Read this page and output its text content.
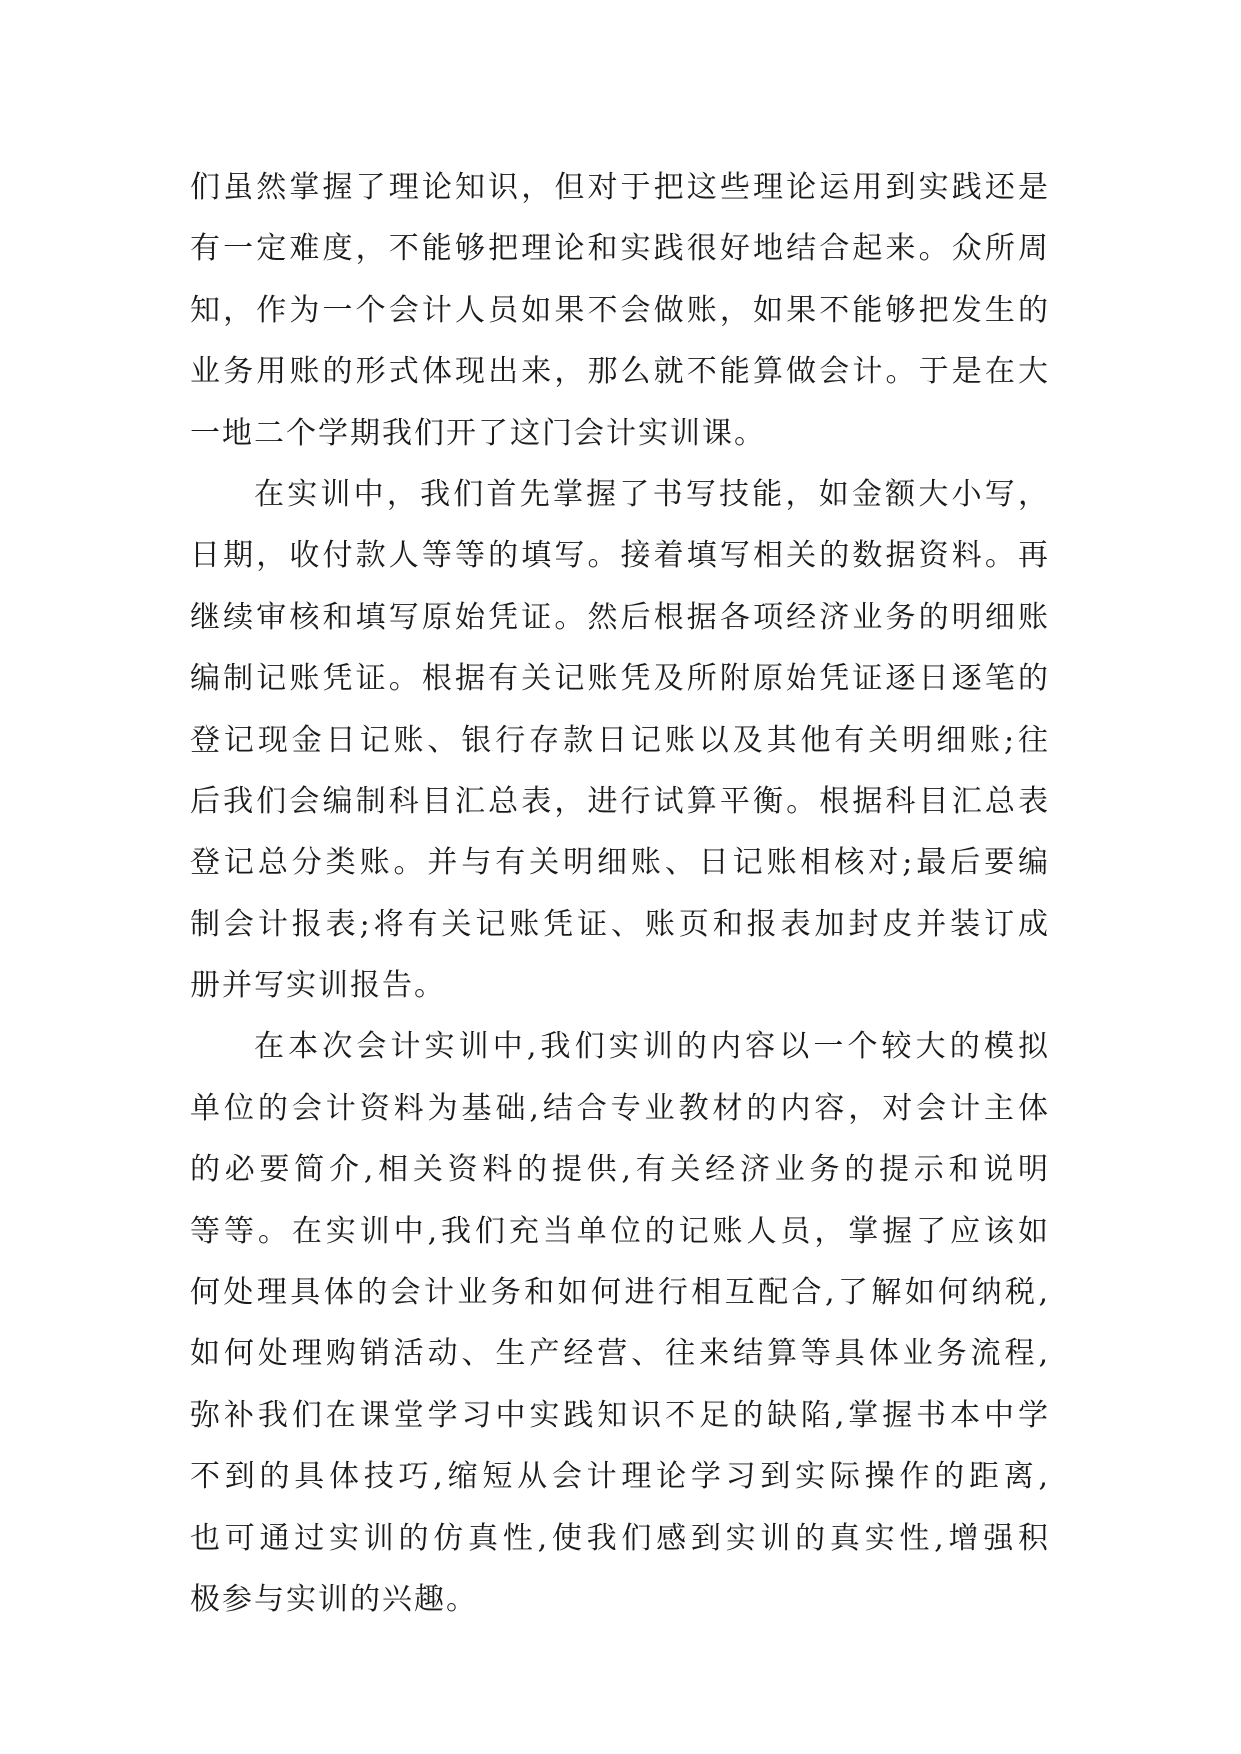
们虽然掌握了理论知识，但对于把这些理论运用到实践还是
有一定难度，不能够把理论和实践很好地结合起来。众所周
知，作为一个会计人员如果不会做账，如果不能够把发生的
业务用账的形式体现出来，那么就不能算做会计。于是在大
一地二个学期我们开了这门会计实训课。
在实训中，我们首先掌握了书写技能，如金额大小写，
日期，收付款人等等的填写。接着填写相关的数据资料。再
继续审核和填写原始凭证。然后根据各项经济业务的明细账
编制记账凭证。根据有关记账凭及所附原始凭证逐日逐笔的
登记现金日记账、银行存款日记账以及其他有关明细账;往
后我们会编制科目汇总表，进行试算平衡。根据科目汇总表
登记总分类账。并与有关明细账、日记账相核对;最后要编
制会计报表;将有关记账凭证、账页和报表加封皮并装订成
册并写实训报告。
在本次会计实训中,我们实训的内容以一个较大的模拟
单位的会计资料为基础,结合专业教材的内容，对会计主体
的必要简介,相关资料的提供,有关经济业务的提示和说明
等等。在实训中,我们充当单位的记账人员，掌握了应该如
何处理具体的会计业务和如何进行相互配合,了解如何纳税,
如何处理购销活动、生产经营、往来结算等具体业务流程,
弥补我们在课堂学习中实践知识不足的缺陷,掌握书本中学
不到的具体技巧,缩短从会计理论学习到实际操作的距离,
也可通过实训的仿真性,使我们感到实训的真实性,增强积
极参与实训的兴趣。
